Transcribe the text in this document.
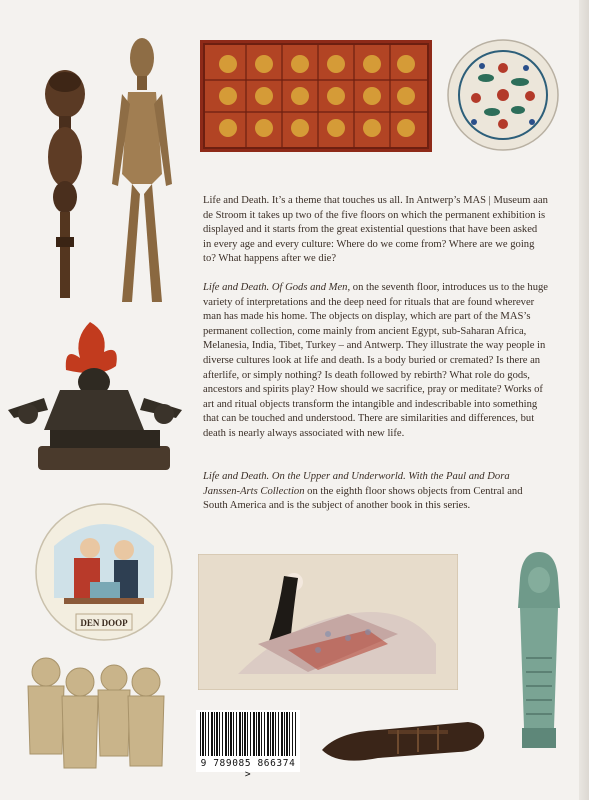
DEN DOOP
9 789085 866374 >

Life and Death. It’s a theme that touches us all. In Antwerp’s MAS | Museum aan de Stroom it takes up two of the five floors on which the permanent exhibition is displayed and it starts from the great existential questions that have been asked in every age and every culture: Where do we come from? Where are we going to? What happens after we die?

Life and Death. Of Gods and Men, on the seventh floor, introduces us to the huge variety of interpretations and the deep need for rituals that are found wherever man has made his home. The objects on display, which are part of the MAS’s permanent collection, come mainly from ancient Egypt, sub-Saharan Africa, Melanesia, India, Tibet, Turkey – and Antwerp. They illustrate the way people in diverse cultures look at life and death. Is a body buried or cremated? Is there an afterlife, or simply nothing? Is death followed by rebirth? What role do gods, ancestors and spirits play? How should we sacrifice, pray or meditate? Works of art and ritual objects transform the intangible and indescribable into something that can be touched and understood. There are similarities and differences, but death is nearly always associated with new life.

Life and Death. On the Upper and Underworld. With the Paul and Dora Janssen-Arts Collection on the eighth floor shows objects from Central and South America and is the subject of another book in this series.
